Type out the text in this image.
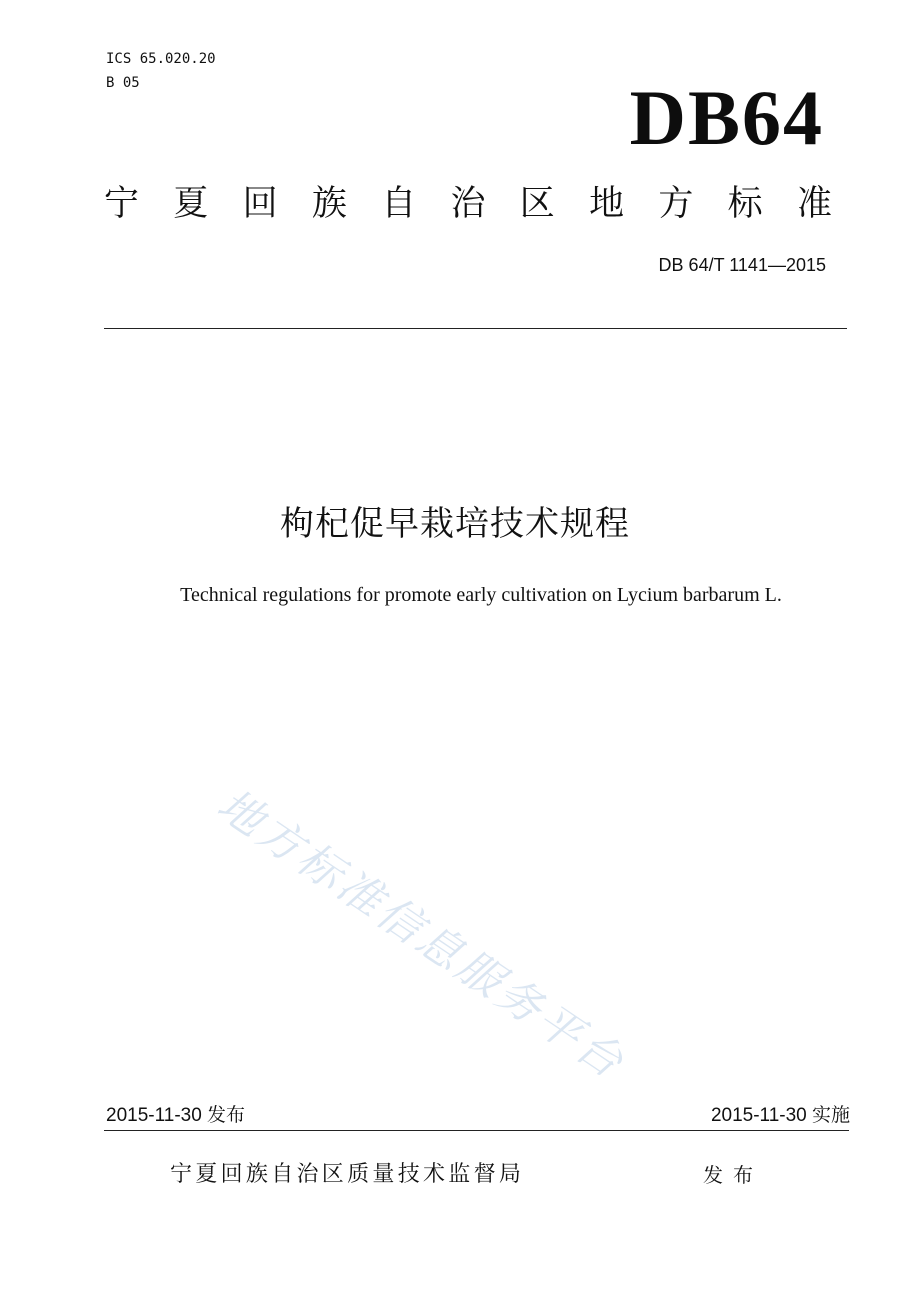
ICS 65.020.20
B 05	DB64
宁 夏 回 族 自 治 区 地 方 标 准
DB 64/T 1141—2015
枸杞促早栽培技术规程
Technical regulations for promote early cultivation on Lycium barbarum L.
地方标准信息服务平台
2015-11-30 发布	2015-11-30 实施
宁夏回族自治区质量技术监督局	发布
